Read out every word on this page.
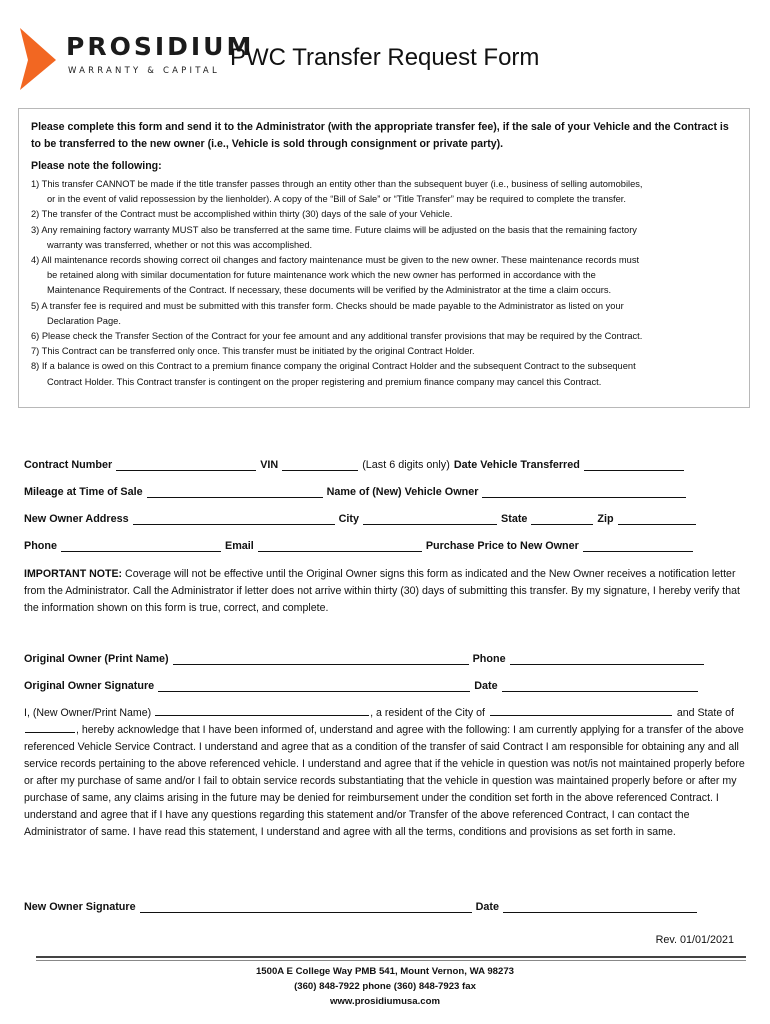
PROSIDIUM
WARRANTY & CAPITAL PWC Transfer Request Form

Please complete this form and send it to the Administrator (with the appropriate transfer fee), if the sale of your Vehicle and the Contract is to be transferred to the new owner (i.e., Vehicle is sold through consignment or private party).

Please note the following:

1) This transfer CANNOT be made if the title transfer passes through an entity other than the subsequent buyer (i.e., business of selling automobiles,
or in the event of valid repossession by the lienholder). A copy of the “Bill of Sale” or “Title Transfer” may be required to complete the transfer.
2) The transfer of the Contract must be accomplished within thirty (30) days of the sale of your Vehicle.
3) Any remaining factory warranty MUST also be transferred at the same time. Future claims will be adjusted on the basis that the remaining factory
warranty was transferred, whether or not this was accomplished.
4) All maintenance records showing correct oil changes and factory maintenance must be given to the new owner. These maintenance records must
be retained along with similar documentation for future maintenance work which the new owner has performed in accordance with the
Maintenance Requirements of the Contract. If necessary, these documents will be verified by the Administrator at the time a claim occurs.
5) A transfer fee is required and must be submitted with this transfer form. Checks should be made payable to the Administrator as listed on your
Declaration Page.
6) Please check the Transfer Section of the Contract for your fee amount and any additional transfer provisions that may be required by the Contract.
7) This Contract can be transferred only once. This transfer must be initiated by the original Contract Holder.
8) If a balance is owed on this Contract to a premium finance company the original Contract Holder and the subsequent Contract to the subsequent
Contract Holder. This Contract transfer is contingent on the proper registering and premium finance company may cancel this Contract.
Contract Number	VIN	(Last 6 digits only) Date Vehicle Transferred
Mileage at Time of Sale	Name of (New) Vehicle Owner
New Owner Address	City	State	Zip
Phone	Email	Purchase Price to New Owner
IMPORTANT NOTE: Coverage will not be effective until the Original Owner signs this form as indicated and the New Owner receives a notification letter from the Administrator. Call the Administrator if letter does not arrive within thirty (30) days of submitting this transfer. By my signature, I hereby verify that the information shown on this form is true, correct, and complete.
Original Owner (Print Name)	Phone
Original Owner Signature	Date
I, (New Owner/Print Name)	, a resident of the City of	and State of , hereby acknowledge that I have been informed of, understand and agree with the following: I am currently applying for a transfer of the above referenced Vehicle Service Contract. I understand and agree that as a condition of the transfer of said Contract I am responsible for obtaining any and all service records pertaining to the above referenced vehicle. I understand and agree that if the vehicle in question was not/is not maintained properly before or after my purchase of same and/or I fail to obtain service records substantiating that the vehicle in question was maintained properly before or after my purchase of same, any claims arising in the future may be denied for reimbursement under the condition set forth in the above referenced Contract. I understand and agree that if I have any questions regarding this statement and/or Transfer of the above referenced Contract, I can contact the Administrator of same. I have read this statement, I understand and agree with all the terms, conditions and provisions as set forth in same.
New Owner Signature	Date
Rev. 01/01/2021
1500A E College Way PMB 541, Mount Vernon, WA 98273
(360) 848-7922 phone (360) 848-7923 fax
www.prosidiumusa.com
